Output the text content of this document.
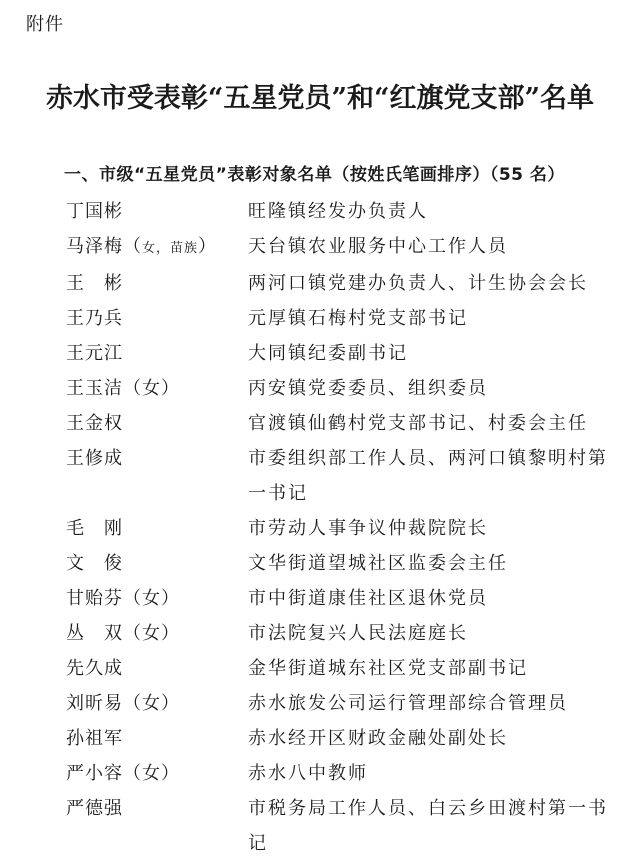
附件
赤水市受表彰“五星党员”和“红旗党支部”名单
一、市级“五星党员”表彰对象名单（按姓氏笔画排序）（55 名）
丁国彬	旺隆镇经发办负责人
马泽梅（女，苗族）	天台镇农业服务中心工作人员
王　彬	两河口镇党建办负责人、计生协会会长
王乃兵	元厚镇石梅村党支部书记
王元江	大同镇纪委副书记
王玉洁（女）	丙安镇党委委员、组织委员
王金权	官渡镇仙鹤村党支部书记、村委会主任
王修成	市委组织部工作人员、两河口镇黎明村第一书记
毛　刚	市劳动人事争议仲裁院院长
文　俊	文华街道望城社区监委会主任
甘贻芬（女）	市中街道康佳社区退休党员
丛　双（女）	市法院复兴人民法庭庭长
先久成	金华街道城东社区党支部副书记
刘昕易（女）	赤水旅发公司运行管理部综合管理员
孙祖军	赤水经开区财政金融处副处长
严小容（女）	赤水八中教师
严德强	市税务局工作人员、白云乡田渡村第一书记
